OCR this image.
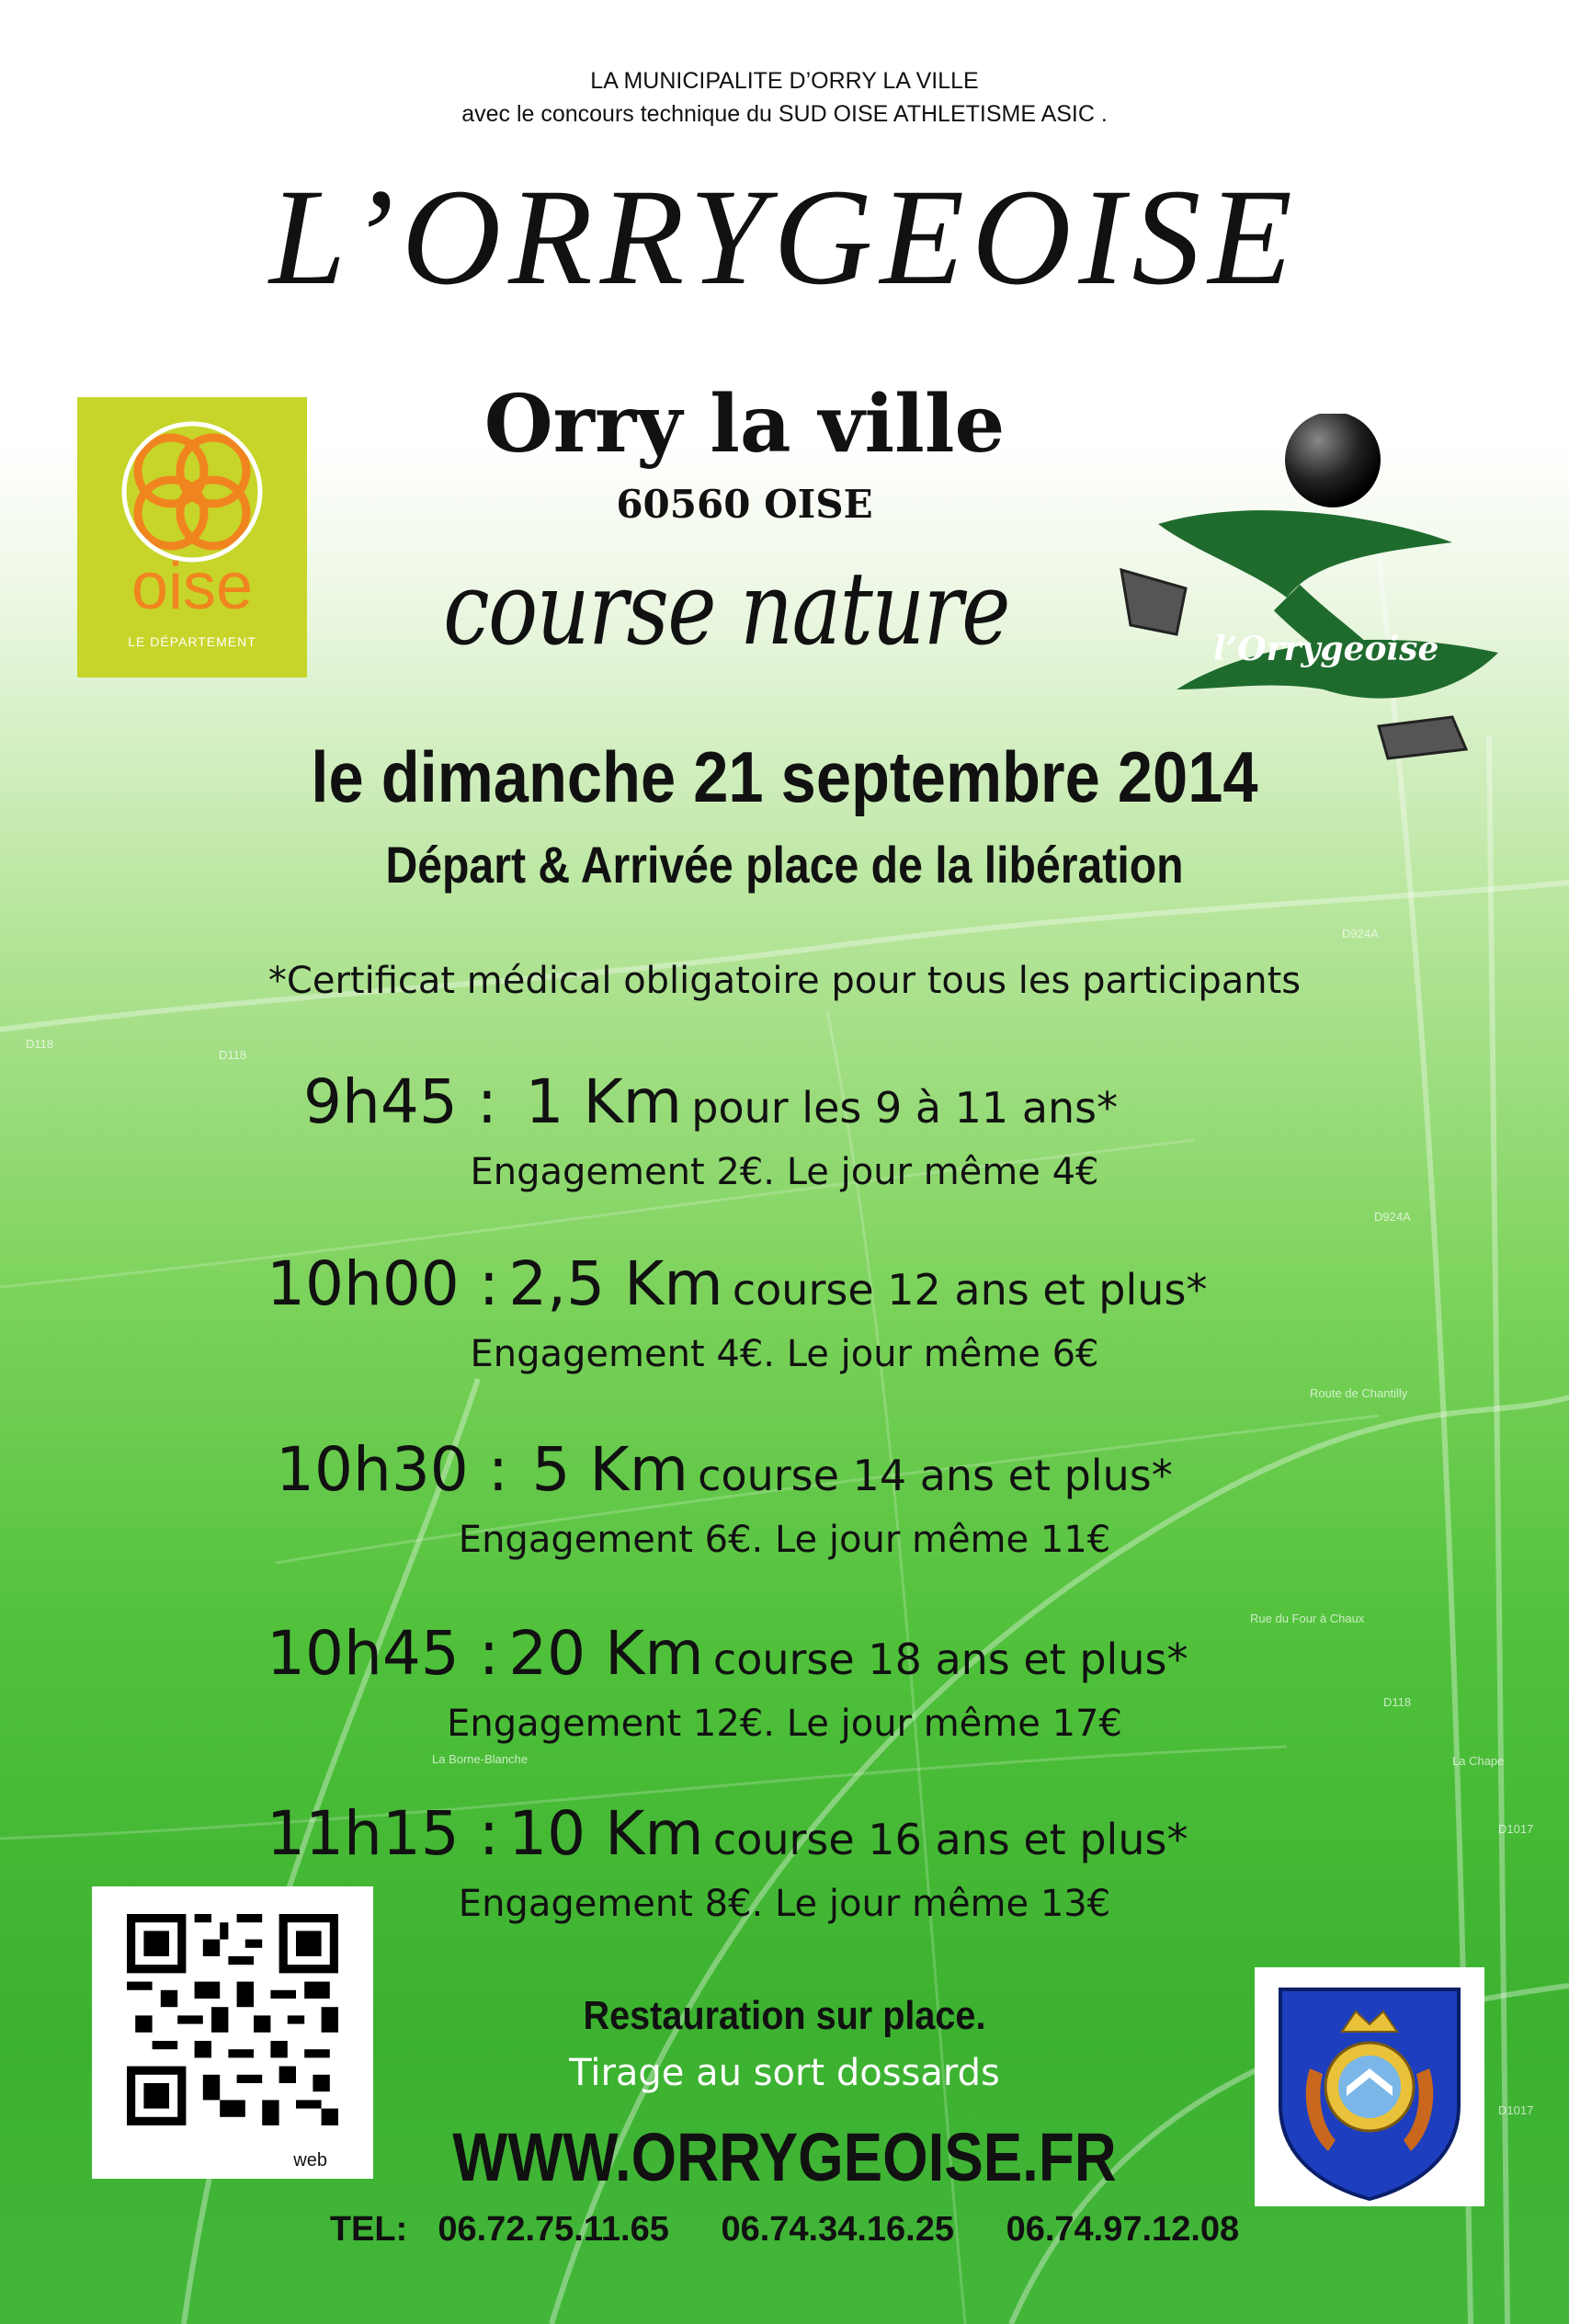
D118
D118
D924A
D924A
D118
D1017
D1017
La Borne-Blanche
Rue du Four à Chaux
Route de Chantilly
La Chape
LA MUNICIPALITE D’ORRY LA VILLE
avec le concours technique du SUD OISE ATHLETISME ASIC .
L’ORRYGEOISE
oise
LE DÉPARTEMENT
Orry la ville
60560 OISE
course nature	l’Orrygeoise
le dimanche 21 septembre 2014
Départ & Arrivée place de la libération
*Certificat médical obligatoire pour tous les participants
9h45 : 1 Km pour les 9 à 11 ans*
Engagement 2€. Le jour même 4€
10h00 : 2,5 Km course 12 ans et plus*
Engagement 4€. Le jour même 6€
10h30 : 5 Km course 14 ans et plus*
Engagement 6€. Le jour même 11€
10h45 : 20 Km course 18 ans et plus*
Engagement 12€. Le jour même 17€
11h15 : 10 Km course 16 ans et plus*
Engagement 8€. Le jour même 13€
web
Restauration sur place.
Tirage au sort dossards
WWW.ORRYGEOISE.FR
TEL: 06.72.75.11.65 06.74.34.16.25 06.74.97.12.08
